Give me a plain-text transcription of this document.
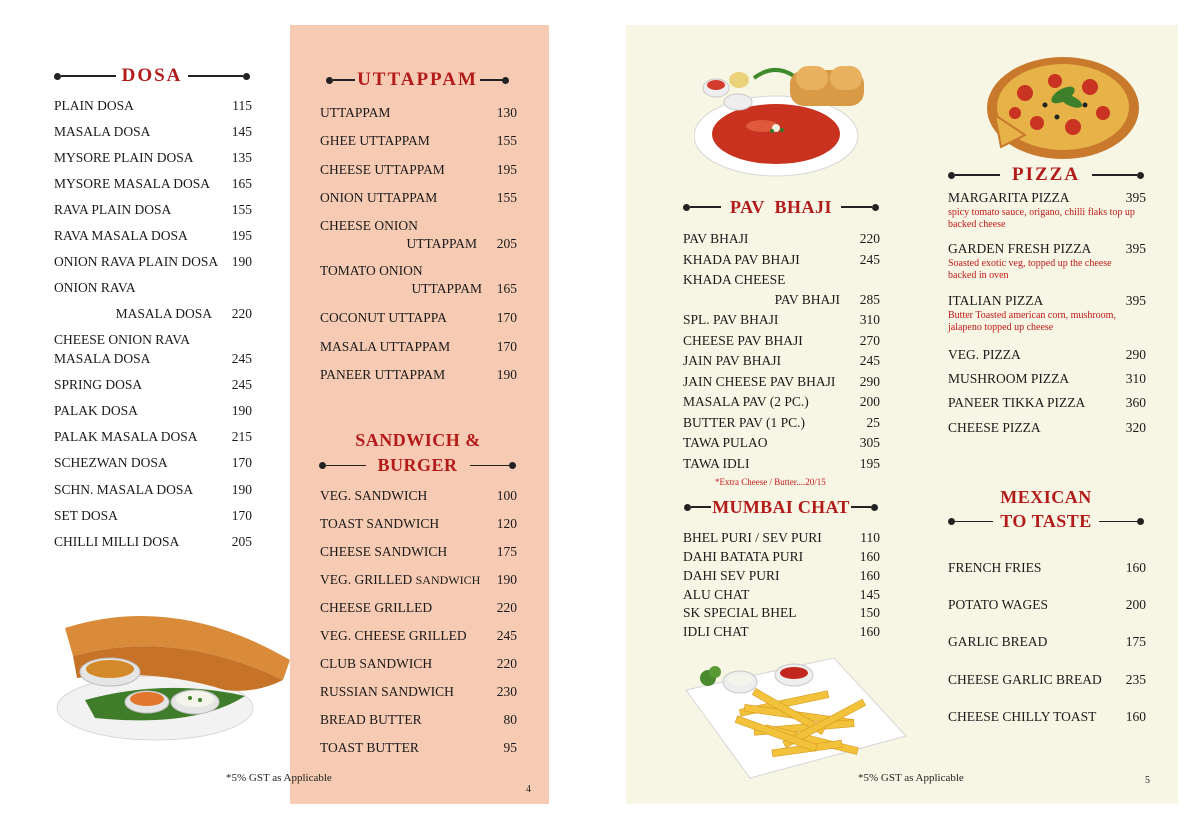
DOSA
PLAIN DOSA	115
MASALA DOSA	145
MYSORE PLAIN DOSA	135
MYSORE MASALA DOSA	165
RAVA PLAIN DOSA	155
RAVA MASALA DOSA	195
ONION RAVA PLAIN DOSA	190
ONION RAVA
MASALA DOSA	220
CHEESE ONION RAVA
MASALA DOSA	245
SPRING DOSA	245
PALAK DOSA	190
PALAK MASALA DOSA	215
SCHEZWAN DOSA	170
SCHN. MASALA DOSA	190
SET DOSA	170
CHILLI MILLI DOSA	205
*5% GST as Applicable
4
UTTAPPAM
UTTAPPAM	130
GHEE UTTAPPAM	155
CHEESE UTTAPPAM	195
ONION UTTAPPAM	155
CHEESE ONION
UTTAPPAM	205
TOMATO ONION
UTTAPPAM	165
COCONUT UTTAPPA	170
MASALA UTTAPPAM	170
PANEER UTTAPPAM	190
SANDWICH &
BURGER
VEG. SANDWICH	100
TOAST SANDWICH	120
CHEESE SANDWICH	175
VEG. GRILLED SANDWICH	190
CHEESE GRILLED	220
VEG. CHEESE GRILLED	245
CLUB SANDWICH	220
RUSSIAN SANDWICH	230
BREAD BUTTER	80
TOAST BUTTER	95
PAV  BHAJI
PAV BHAJI	220
KHADA PAV BHAJI	245
KHADA CHEESE
PAV BHAJI	285
SPL. PAV BHAJI	310
CHEESE PAV BHAJI	270
JAIN PAV BHAJI	245
JAIN CHEESE PAV BHAJI	290
MASALA PAV (2 PC.)	200
BUTTER PAV (1 PC.)	25
TAWA PULAO	305
TAWA IDLI	195
*Extra Cheese / Butter....20/15
MUMBAI CHAT
BHEL PURI / SEV PURI	110
DAHI BATATA PURI	160
DAHI SEV PURI	160
ALU CHAT	145
SK SPECIAL BHEL	150
IDLI CHAT	160
*5% GST as Applicable	5
PIZZA
MARGARITA PIZZA	395
spicy tomato sauce, origano, chilli flaks top up backed cheese
GARDEN FRESH PIZZA	395
Soasted exotic veg, topped up the cheese backed in oven
ITALIAN PIZZA	395
Butter Toasted american corn, mushroom, jalapeno topped up cheese
VEG. PIZZA	290
MUSHROOM PIZZA	310
PANEER TIKKA PIZZA	360
CHEESE PIZZA	320
MEXICAN
TO TASTE
FRENCH FRIES	160
POTATO WAGES	200
GARLIC BREAD	175
CHEESE GARLIC BREAD	235
CHEESE CHILLY TOAST	160
